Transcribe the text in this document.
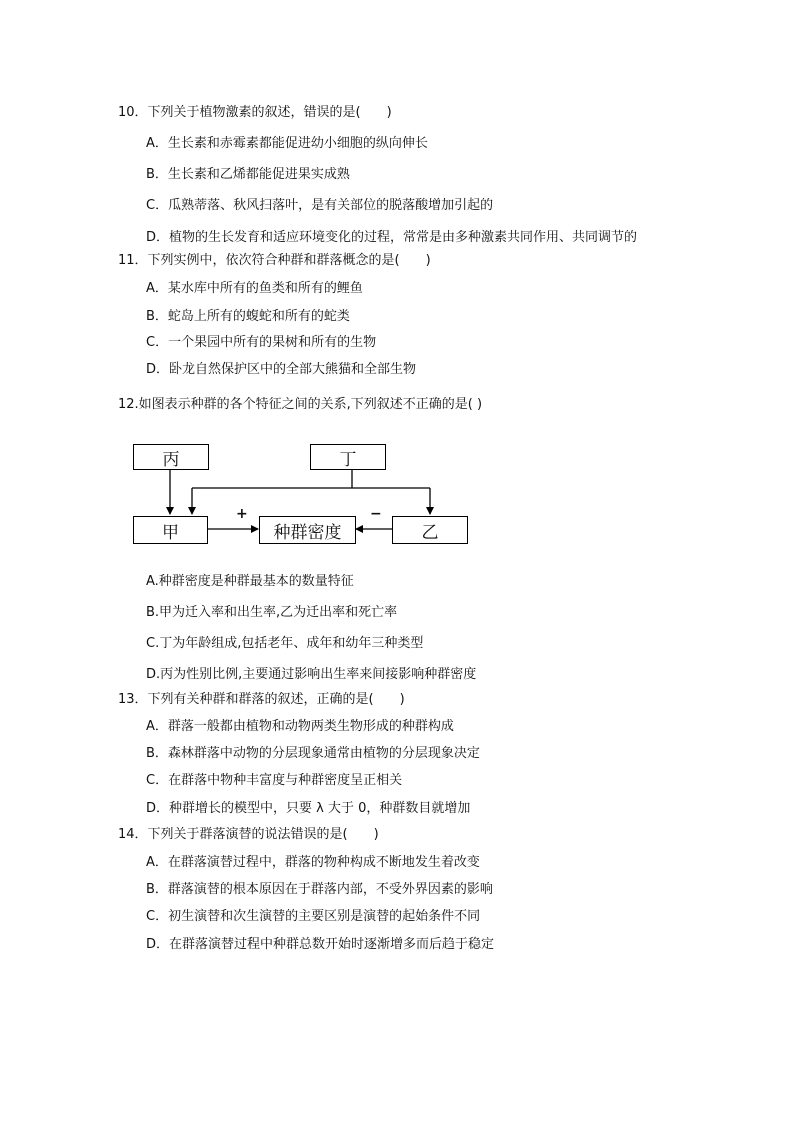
10．下列关于植物激素的叙述，错误的是(　　)
A．生长素和赤霉素都能促进幼小细胞的纵向伸长
B．生长素和乙烯都能促进果实成熟
C．瓜熟蒂落、秋风扫落叶，是有关部位的脱落酸增加引起的
D．植物的生长发育和适应环境变化的过程，常常是由多种激素共同作用、共同调节的
11．下列实例中，依次符合种群和群落概念的是(　　)
A．某水库中所有的鱼类和所有的鲤鱼
B．蛇岛上所有的蝮蛇和所有的蛇类
C．一个果园中所有的果树和所有的生物
D．卧龙自然保护区中的全部大熊猫和全部生物
12.如图表示种群的各个特征之间的关系,下列叙述不正确的是( )
丙	丁
甲	种群密度	乙
+	−
A.种群密度是种群最基本的数量特征
B.甲为迁入率和出生率,乙为迁出率和死亡率
C.丁为年龄组成,包括老年、成年和幼年三种类型
D.丙为性别比例,主要通过影响出生率来间接影响种群密度
13．下列有关种群和群落的叙述，正确的是(　　)
A．群落一般都由植物和动物两类生物形成的种群构成
B．森林群落中动物的分层现象通常由植物的分层现象决定
C．在群落中物种丰富度与种群密度呈正相关
D．种群增长的模型中，只要 λ 大于 0，种群数目就增加
14．下列关于群落演替的说法错误的是(　　)
A．在群落演替过程中，群落的物种构成不断地发生着改变
B．群落演替的根本原因在于群落内部，不受外界因素的影响
C．初生演替和次生演替的主要区别是演替的起始条件不同
D．在群落演替过程中种群总数开始时逐渐增多而后趋于稳定
